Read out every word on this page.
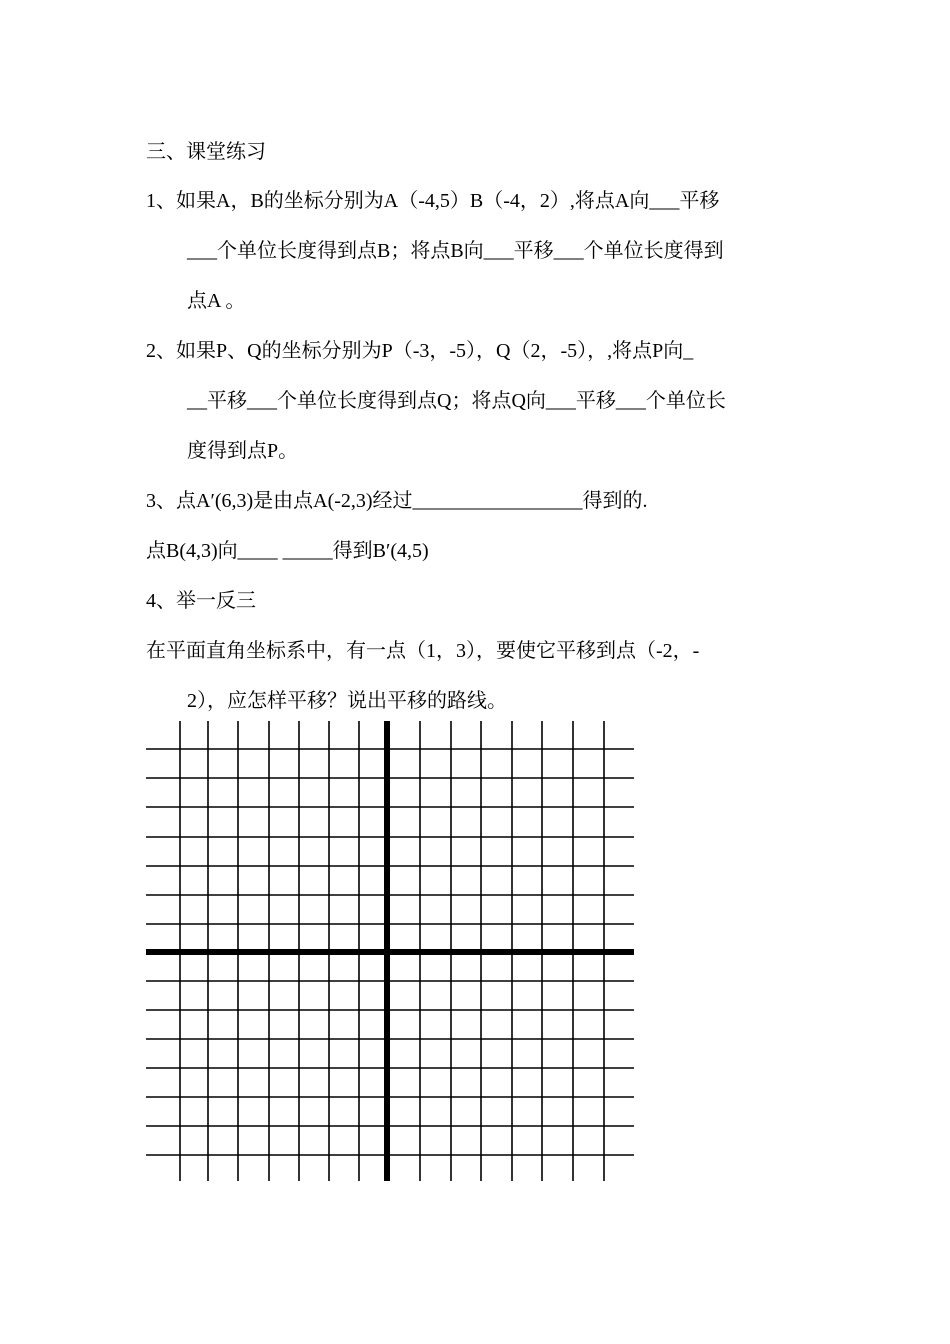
三、课堂练习
1、如果A，B的坐标分别为A（-4,5）B（-4，2）,将点A向___平移
___个单位长度得到点B；将点B向___平移___个单位长度得到
点A 。
2、如果P、Q的坐标分别为P（-3，-5），Q（2，-5），,将点P向_
__平移___个单位长度得到点Q；将点Q向___平移___个单位长
度得到点P。
3、点A′(6,3)是由点A(-2,3)经过_________________得到的.
点B(4,3)向____ _____得到B′(4,5)
4、举一反三
在平面直角坐标系中，有一点（1，3），要使它平移到点（-2，-
2），应怎样平移？说出平移的路线。
